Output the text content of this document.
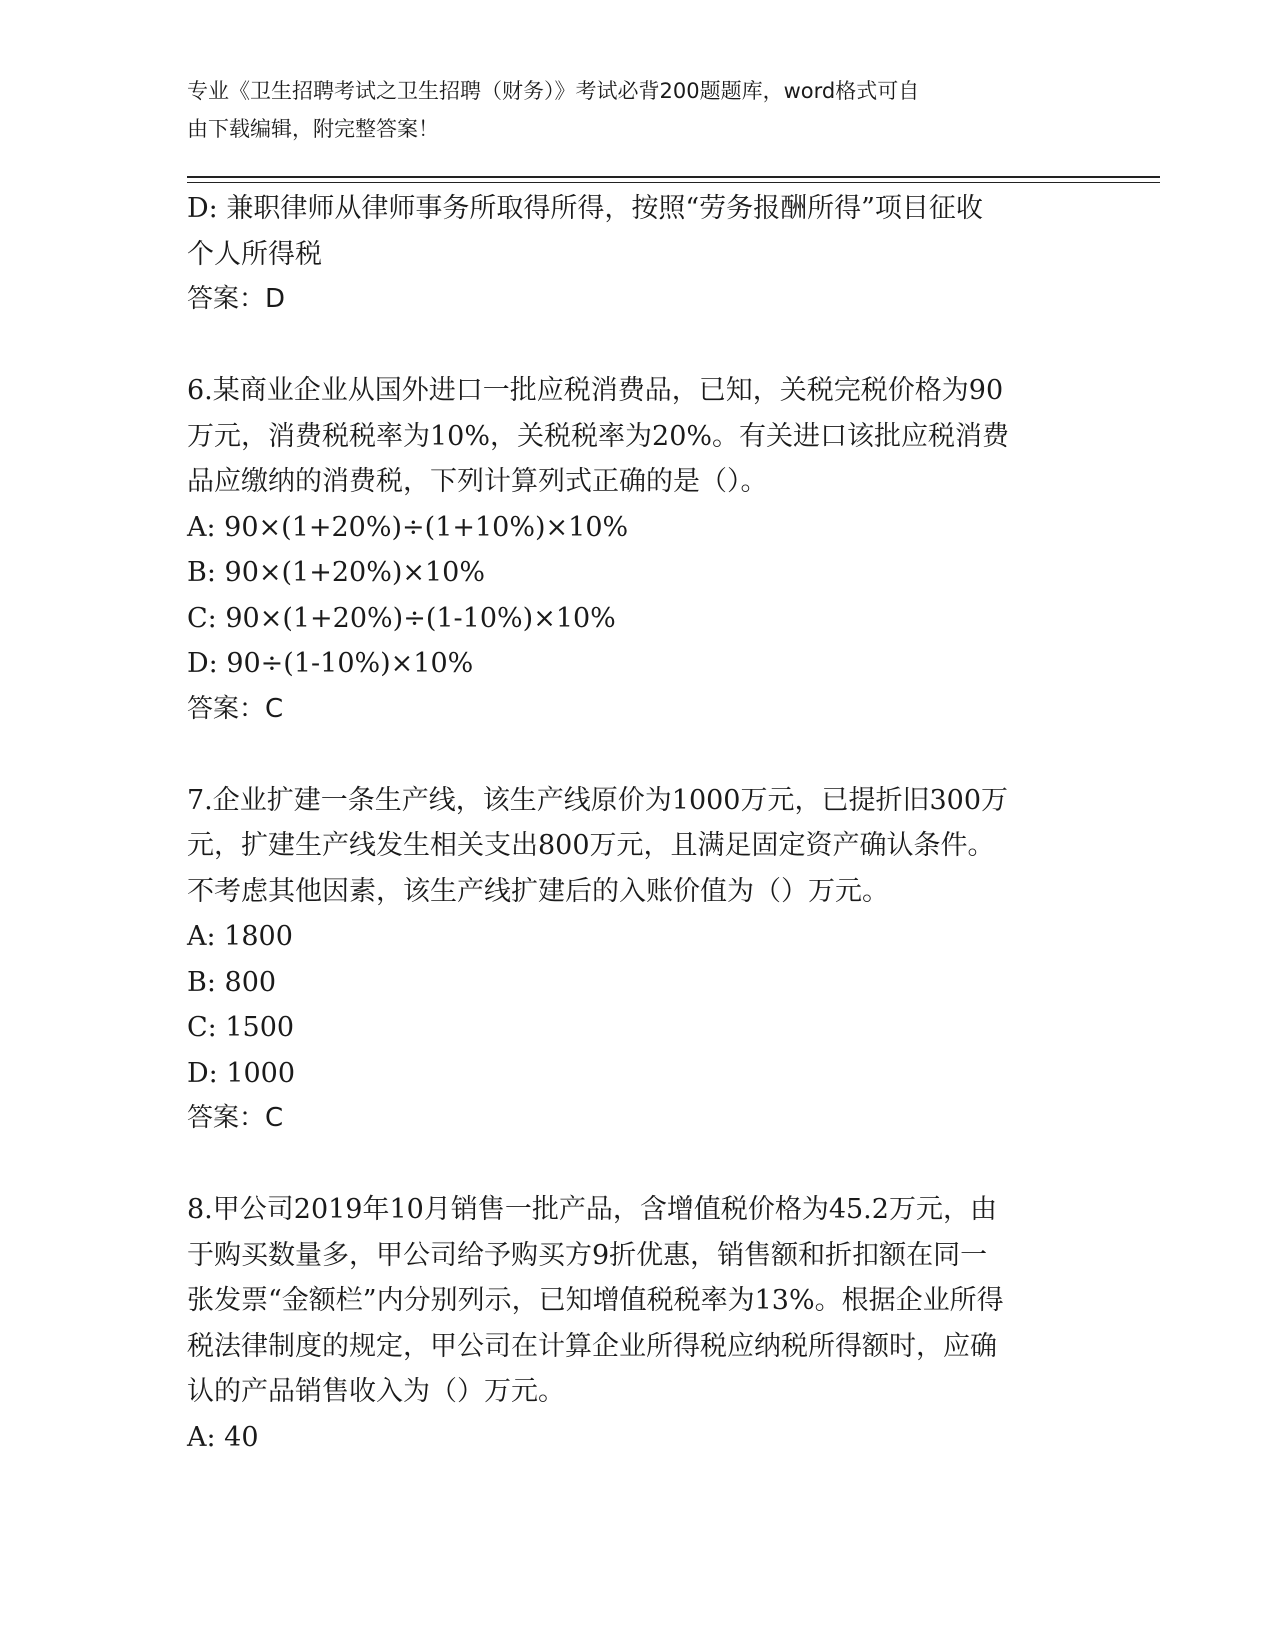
专业《卫生招聘考试之卫生招聘（财务）》考试必背200题题库，word格式可自
由下载编辑，附完整答案！
D: 兼职律师从律师事务所取得所得，按照“劳务报酬所得”项目征收
个人所得税
答案：D
6.某商业企业从国外进口一批应税消费品，已知，关税完税价格为90
万元，消费税税率为10%，关税税率为20%。有关进口该批应税消费
品应缴纳的消费税，下列计算列式正确的是（）。
A: 90×(1+20%)÷(1+10%)×10%
B: 90×(1+20%)×10%
C: 90×(1+20%)÷(1-10%)×10%
D: 90÷(1-10%)×10%
答案：C
7.企业扩建一条生产线，该生产线原价为1000万元，已提折旧300万
元，扩建生产线发生相关支出800万元，且满足固定资产确认条件。
不考虑其他因素，该生产线扩建后的入账价值为（）万元。
A: 1800
B: 800
C: 1500
D: 1000
答案：C
8.甲公司2019年10月销售一批产品，含增值税价格为45.2万元，由
于购买数量多，甲公司给予购买方9折优惠，销售额和折扣额在同一
张发票“金额栏”内分别列示，已知增值税税率为13%。根据企业所得
税法律制度的规定，甲公司在计算企业所得税应纳税所得额时，应确
认的产品销售收入为（）万元。
A: 40
